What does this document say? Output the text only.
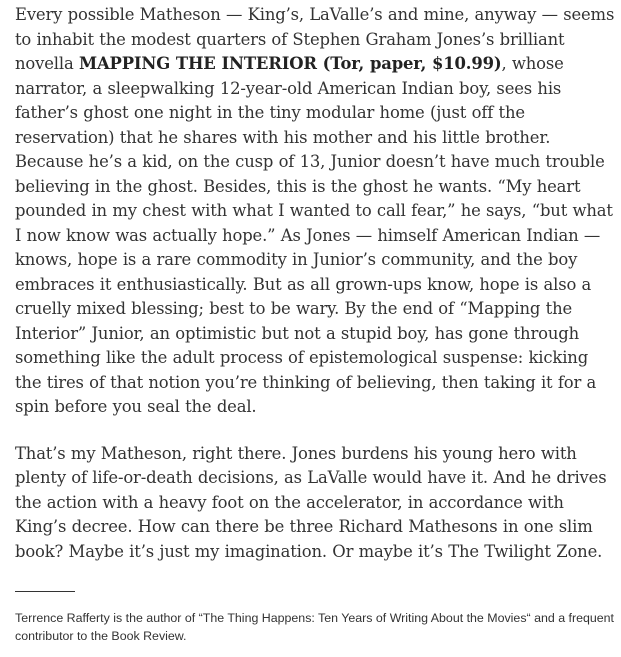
Every possible Matheson — King’s, LaValle’s and mine, anyway — seems to inhabit the modest quarters of Stephen Graham Jones’s brilliant novella MAPPING THE INTERIOR (Tor, paper, $10.99), whose narrator, a sleepwalking 12-year-old American Indian boy, sees his father’s ghost one night in the tiny modular home (just off the reservation) that he shares with his mother and his little brother. Because he’s a kid, on the cusp of 13, Junior doesn’t have much trouble believing in the ghost. Besides, this is the ghost he wants. “My heart pounded in my chest with what I wanted to call fear,” he says, “but what I now know was actually hope.” As Jones — himself American Indian — knows, hope is a rare commodity in Junior’s community, and the boy embraces it enthusiastically. But as all grown-ups know, hope is also a cruelly mixed blessing; best to be wary. By the end of “Mapping the Interior” Junior, an optimistic but not a stupid boy, has gone through something like the adult process of epistemological suspense: kicking the tires of that notion you’re thinking of believing, then taking it for a spin before you seal the deal.

That’s my Matheson, right there. Jones burdens his young hero with plenty of life-or-death decisions, as LaValle would have it. And he drives the action with a heavy foot on the accelerator, in accordance with King’s decree. How can there be three Richard Mathesons in one slim book? Maybe it’s just my imagination. Or maybe it’s The Twilight Zone.

Terrence Rafferty is the author of “The Thing Happens: Ten Years of Writing About the Movies“ and a frequent contributor to the Book Review.
